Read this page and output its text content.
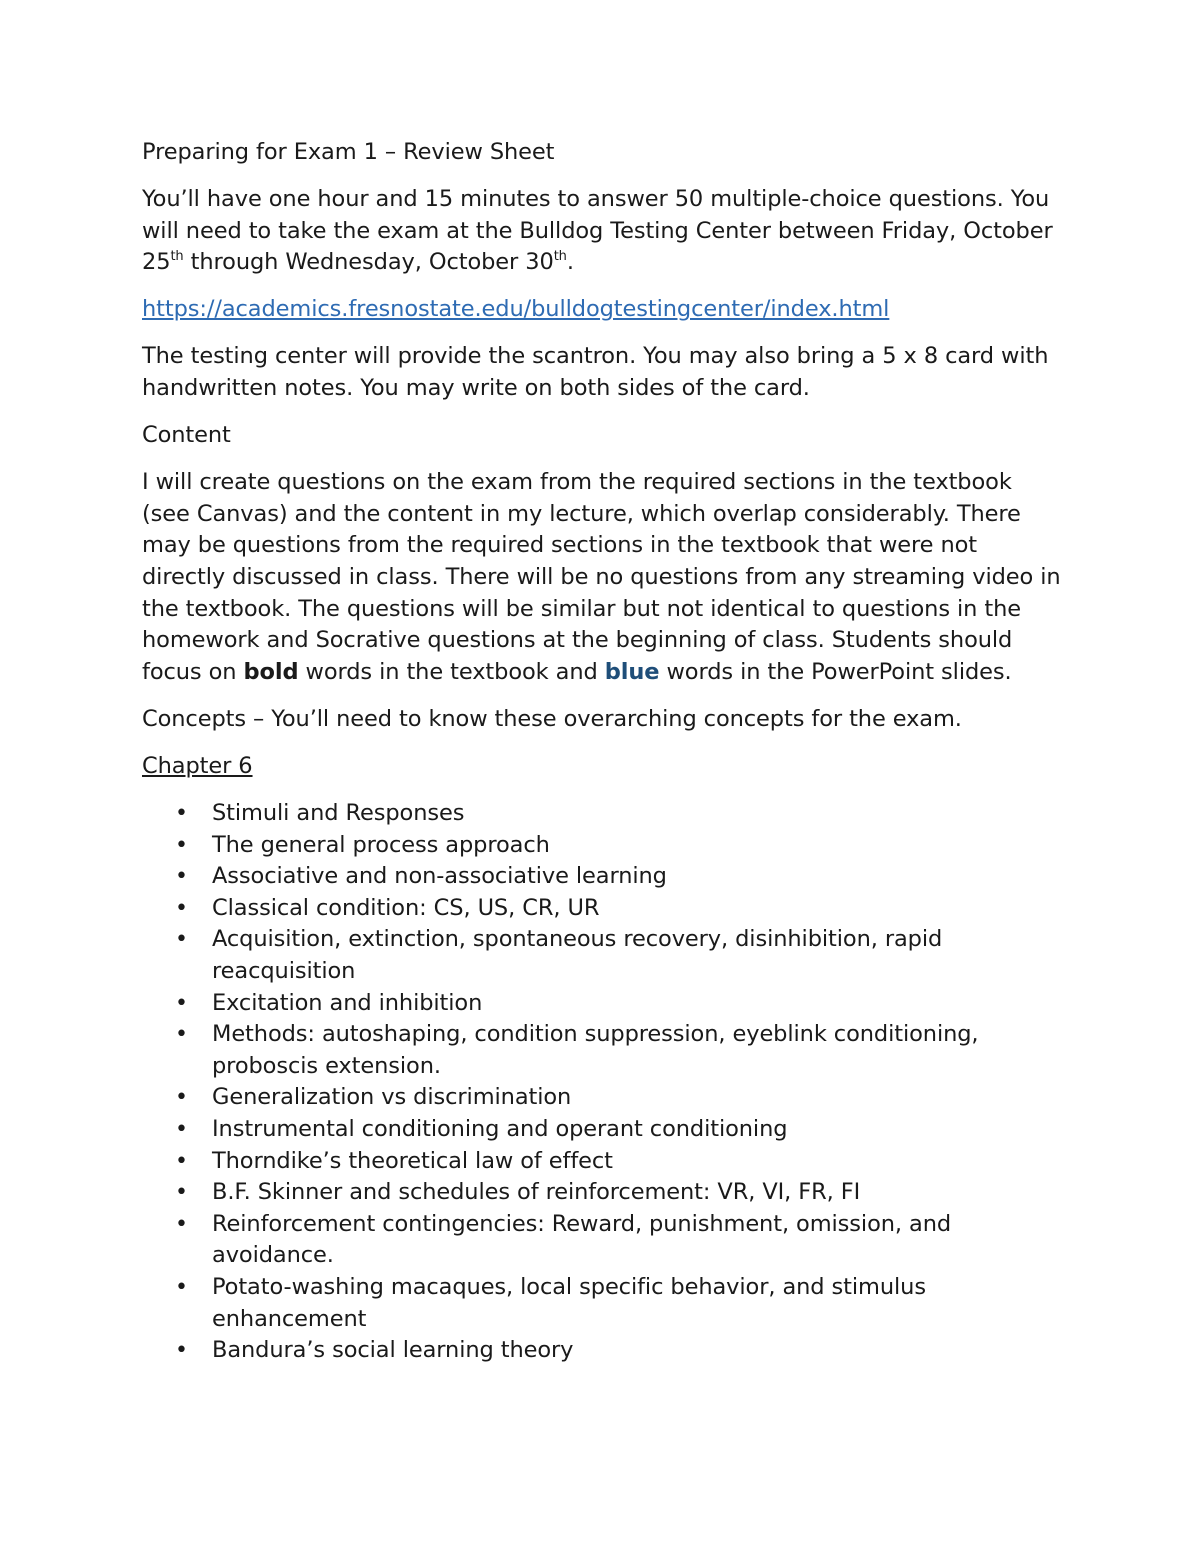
Preparing for Exam 1 – Review Sheet

You’ll have one hour and 15 minutes to answer 50 multiple-choice questions. You will need to take the exam at the Bulldog Testing Center between Friday, October 25th through Wednesday, October 30th.

https://academics.fresnostate.edu/bulldogtestingcenter/index.html

The testing center will provide the scantron. You may also bring a 5 x 8 card with handwritten notes. You may write on both sides of the card.

Content

I will create questions on the exam from the required sections in the textbook (see Canvas) and the content in my lecture, which overlap considerably. There may be questions from the required sections in the textbook that were not directly discussed in class. There will be no questions from any streaming video in the textbook. The questions will be similar but not identical to questions in the homework and Socrative questions at the beginning of class. Students should focus on bold words in the textbook and blue words in the PowerPoint slides.

Concepts – You’ll need to know these overarching concepts for the exam.

Chapter 6

• Stimuli and Responses
• The general process approach
• Associative and non-associative learning
• Classical condition: CS, US, CR, UR
• Acquisition, extinction, spontaneous recovery, disinhibition, rapid reacquisition
• Excitation and inhibition
• Methods: autoshaping, condition suppression, eyeblink conditioning, proboscis extension.
• Generalization vs discrimination
• Instrumental conditioning and operant conditioning
• Thorndike’s theoretical law of effect
• B.F. Skinner and schedules of reinforcement: VR, VI, FR, FI
• Reinforcement contingencies: Reward, punishment, omission, and avoidance.
• Potato-washing macaques, local specific behavior, and stimulus enhancement
• Bandura’s social learning theory
